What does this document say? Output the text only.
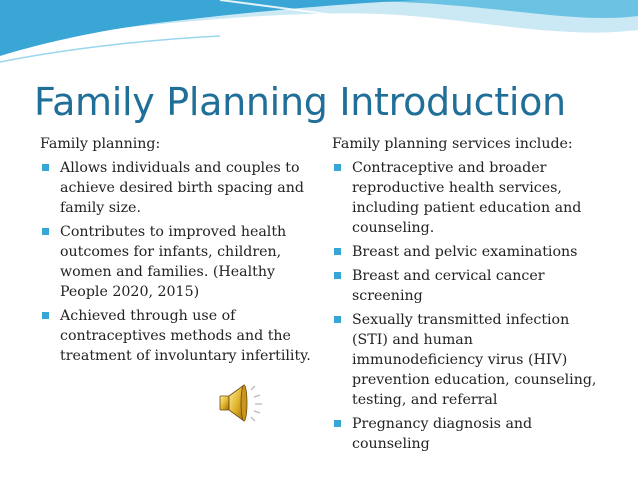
Family Planning Introduction
Family planning:
Allows individuals and couples to achieve desired birth spacing and family size.
Contributes to improved health outcomes for infants, children, women and families. (Healthy People 2020, 2015)
Achieved through use of contraceptives methods and the treatment of involuntary infertility.
Family planning services include:
Contraceptive and broader reproductive health services, including patient education and counseling.
Breast and pelvic examinations
Breast and cervical cancer screening
Sexually transmitted infection (STI) and human immunodeficiency virus (HIV) prevention education, counseling, testing, and referral
Pregnancy diagnosis and counseling
